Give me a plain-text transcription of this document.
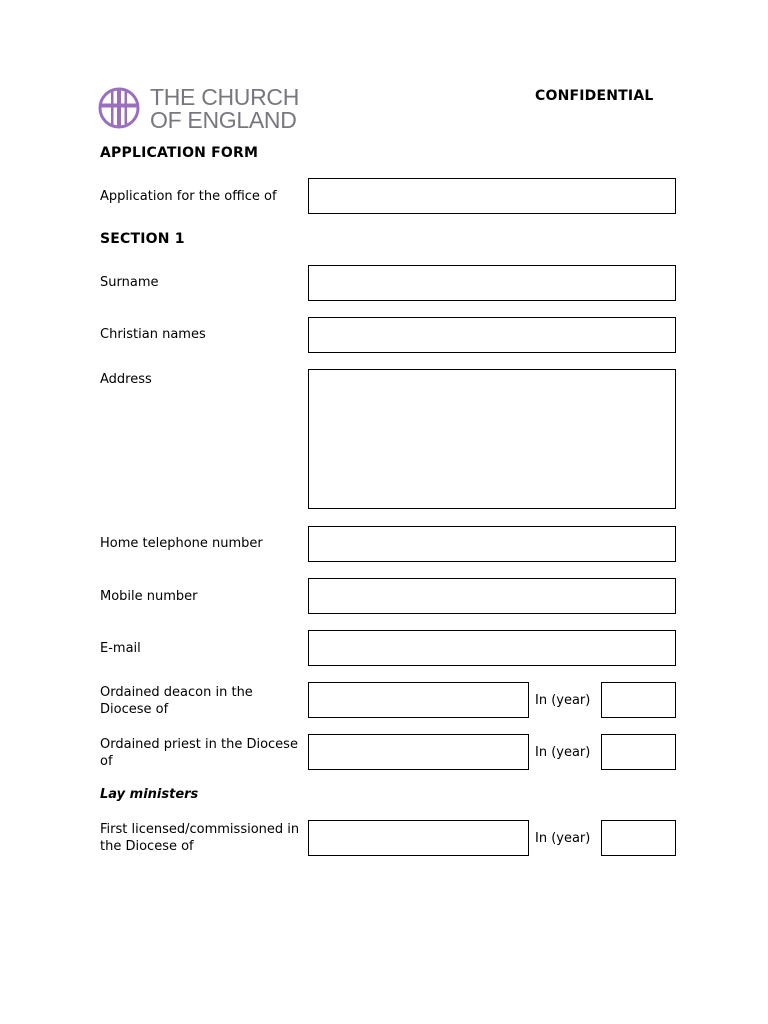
THE CHURCH
OF ENGLAND
CONFIDENTIAL
APPLICATION FORM
Application for the office of
SECTION 1
Surname
Christian names
Address
Home telephone number
Mobile number
E-mail
Ordained deacon in the
Diocese of
In (year)
Ordained priest in the Diocese
of
In (year)
Lay ministers
First licensed/commissioned in
the Diocese of
In (year)
